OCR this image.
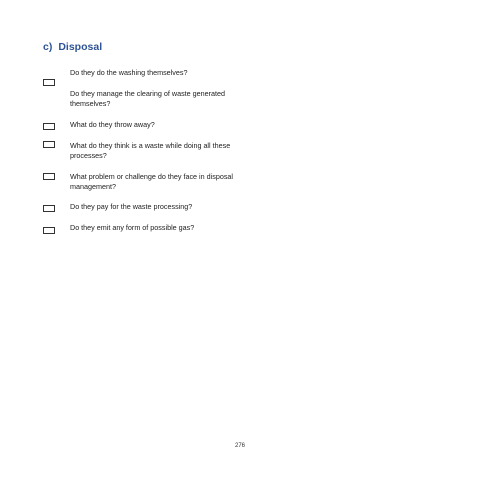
c) Disposal
Do they do the washing themselves?
Do they manage the clearing of waste generated themselves?
What do they throw away?
What do they think is a waste while doing all these processes?
What problem or challenge do they face in disposal management?
Do they pay for the waste processing?
Do they emit any form of possible gas?
276
